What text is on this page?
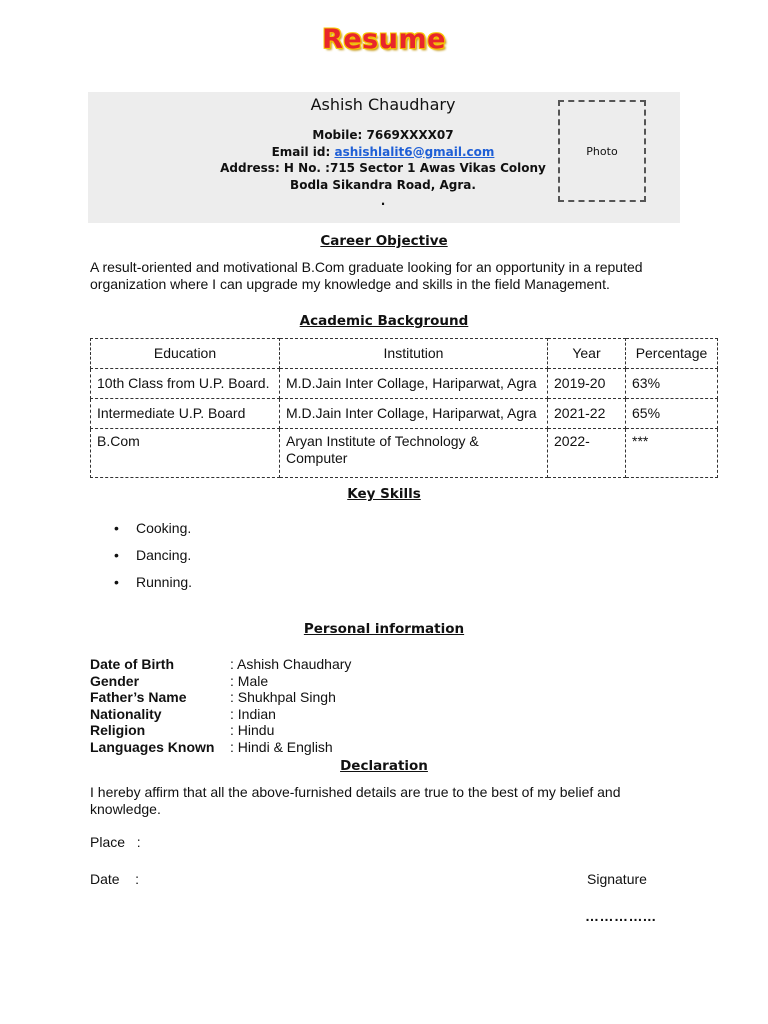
Resume
Ashish Chaudhary
Mobile: 7669XXXX07
Email id: ashishlalit6@gmail.com
Address: H No. :715 Sector 1 Awas Vikas Colony
Bodla Sikandra Road, Agra.
.
Photo
Career Objective
A result-oriented and motivational B.Com graduate looking for an opportunity in a reputed organization where I can upgrade my knowledge and skills in the field Management.
Academic Background
Education	Institution	Year	Percentage
10th Class from U.P. Board.	M.D.Jain Inter Collage, Hariparwat, Agra	2019-20	63%
Intermediate U.P. Board	M.D.Jain Inter Collage, Hariparwat, Agra	2021-22	65%
B.Com	Aryan Institute of Technology & Computer	2022-	***
Key Skills
• Cooking.
• Dancing.
• Running.
Personal information
Date of Birth	: Ashish Chaudhary
Gender	: Male
Father’s Name	: Shukhpal Singh
Nationality	: Indian
Religion	: Hindu
Languages Known	: Hindi & English
Declaration
I hereby affirm that all the above-furnished details are true to the best of my belief and knowledge.
Place   :
Date    :	Signature
…………...
